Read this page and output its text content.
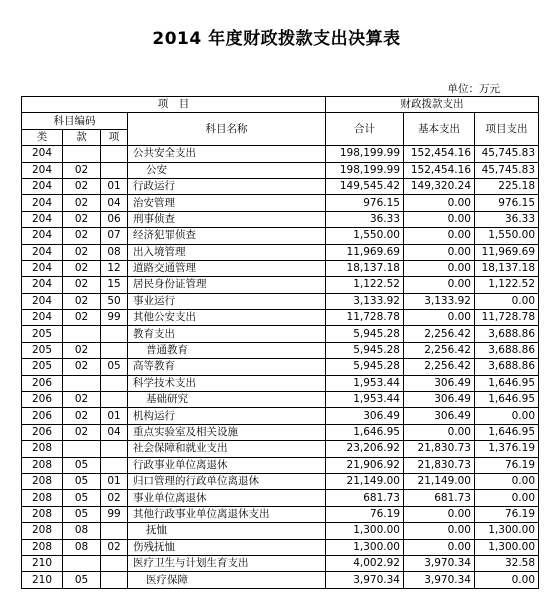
2014 年度财政拨款支出决算表
单位：万元
项　目				财政拨款支出		
科目编码			科目名称	合计	基本支出	项目支出
类	款	项				
204			公共安全支出	198,199.99	152,454.16	45,745.83
204	02		公安	198,199.99	152,454.16	45,745.83
204	02	01	行政运行	149,545.42	149,320.24	225.18
204	02	04	治安管理	976.15	0.00	976.15
204	02	06	刑事侦查	36.33	0.00	36.33
204	02	07	经济犯罪侦查	1,550.00	0.00	1,550.00
204	02	08	出入境管理	11,969.69	0.00	11,969.69
204	02	12	道路交通管理	18,137.18	0.00	18,137.18
204	02	15	居民身份证管理	1,122.52	0.00	1,122.52
204	02	50	事业运行	3,133.92	3,133.92	0.00
204	02	99	其他公安支出	11,728.78	0.00	11,728.78
205			教育支出	5,945.28	2,256.42	3,688.86
205	02		普通教育	5,945.28	2,256.42	3,688.86
205	02	05	高等教育	5,945.28	2,256.42	3,688.86
206			科学技术支出	1,953.44	306.49	1,646.95
206	02		基础研究	1,953.44	306.49	1,646.95
206	02	01	机构运行	306.49	306.49	0.00
206	02	04	重点实验室及相关设施	1,646.95	0.00	1,646.95
208			社会保障和就业支出	23,206.92	21,830.73	1,376.19
208	05		行政事业单位离退休	21,906.92	21,830.73	76.19
208	05	01	归口管理的行政单位离退休	21,149.00	21,149.00	0.00
208	05	02	事业单位离退休	681.73	681.73	0.00
208	05	99	其他行政事业单位离退休支出	76.19	0.00	76.19
208	08		抚恤	1,300.00	0.00	1,300.00
208	08	02	伤残抚恤	1,300.00	0.00	1,300.00
210			医疗卫生与计划生育支出	4,002.92	3,970.34	32.58
210	05		医疗保障	3,970.34	3,970.34	0.00
